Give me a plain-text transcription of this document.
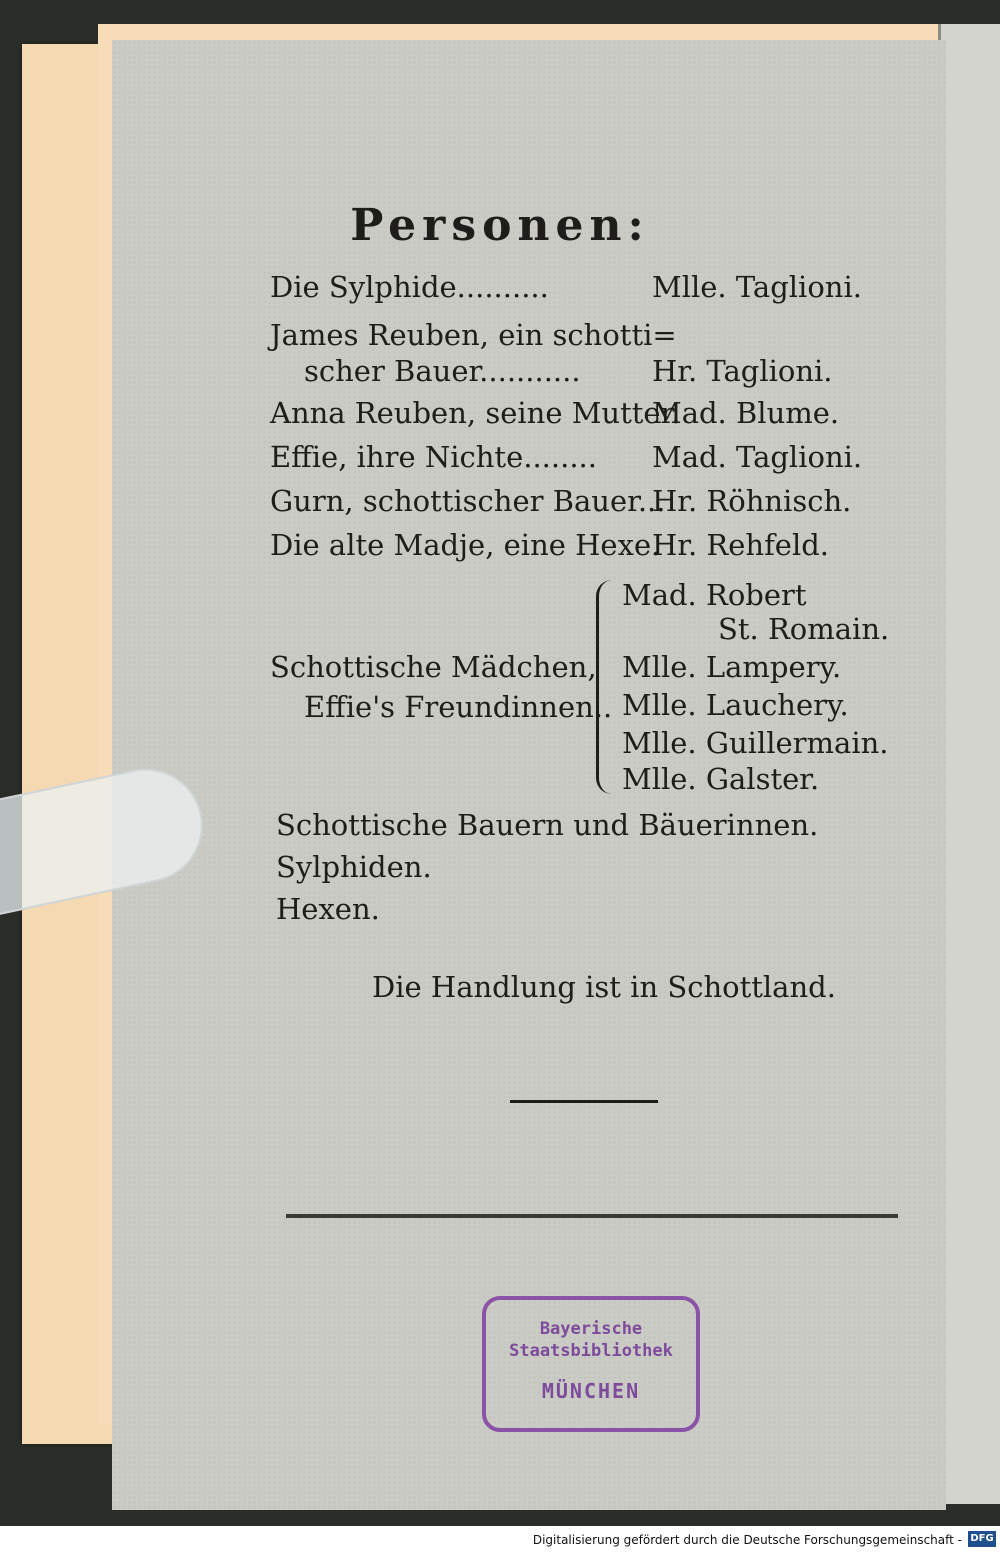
Personen:
Die Sylphide..........	Mlle. Taglioni.
James Reuben, ein schotti=
scher Bauer........... Hr. Taglioni.
Anna Reuben, seine Mutter.
Mad. Blume.
Effie, ihre Nichte........ Mad. Taglioni.
Gurn, schottischer Bauer...
Hr. Röhnisch.
Die alte Madje, eine Hexe.
Hr. Rehfeld.
Mad. Robert
St. Romain.
Mlle. Lampery.
Mlle. Lauchery.
Mlle. Guillermain.
Mlle. Galster.
Schottische Mädchen,
Effie's Freundinnen..
Schottische Bauern und Bäuerinnen.
Sylphiden.
Hexen.
Die Handlung ist in Schottland.
Bayerische
Staatsbibliothek
MÜNCHEN
Digitalisierung gefördert durch die Deutsche Forschungsgemeinschaft - DFG
